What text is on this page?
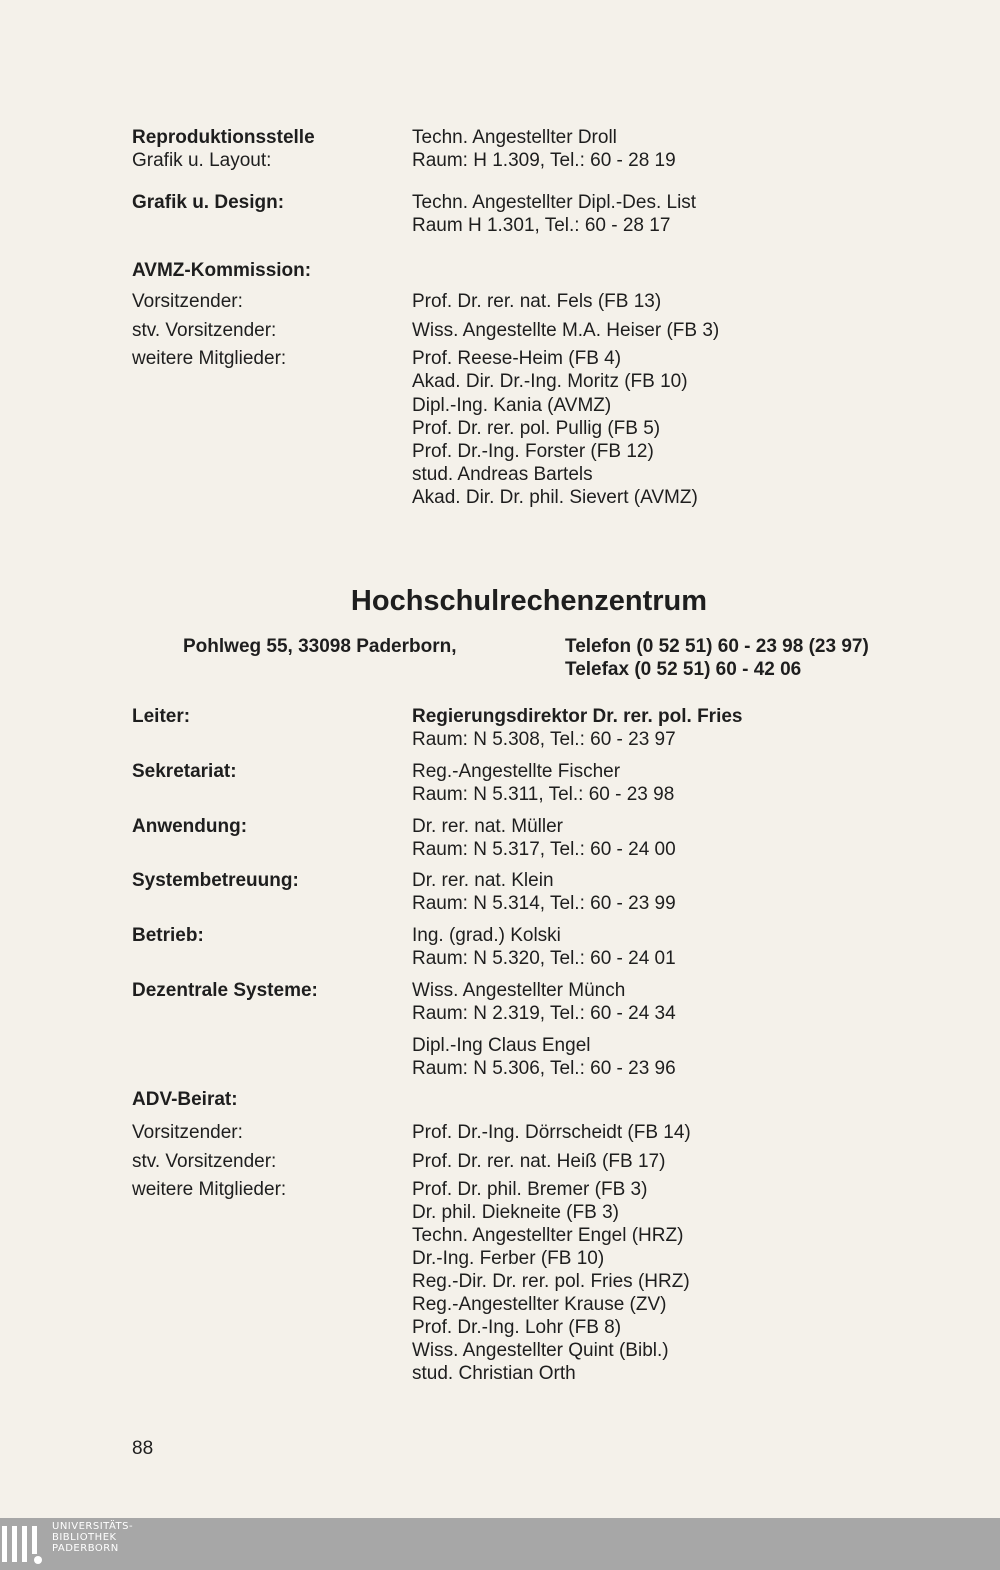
Reproduktionsstelle	Techn. Angestellter Droll
Grafik u. Layout:	Raum: H 1.309, Tel.: 60 - 28 19
Grafik u. Design:	Techn. Angestellter Dipl.-Des. List
Raum H 1.301, Tel.: 60 - 28 17
AVMZ-Kommission:
Vorsitzender:	Prof. Dr. rer. nat. Fels (FB 13)
stv. Vorsitzender:	Wiss. Angestellte M.A. Heiser (FB 3)
weitere Mitglieder:	Prof. Reese-Heim (FB 4)
Akad. Dir. Dr.-Ing. Moritz (FB 10)
Dipl.-Ing. Kania (AVMZ)
Prof. Dr. rer. pol. Pullig (FB 5)
Prof. Dr.-Ing. Forster (FB 12)
stud. Andreas Bartels
Akad. Dir. Dr. phil. Sievert (AVMZ)
Leiter:	Regierungsdirektor Dr. rer. pol. Fries
Raum: N 5.308, Tel.: 60 - 23 97
Sekretariat:	Reg.-Angestellte Fischer
Raum: N 5.311, Tel.: 60 - 23 98
Anwendung:	Dr. rer. nat. Müller
Raum: N 5.317, Tel.: 60 - 24 00
Systembetreuung:	Dr. rer. nat. Klein
Raum: N 5.314, Tel.: 60 - 23 99
Betrieb:	Ing. (grad.) Kolski
Raum: N 5.320, Tel.: 60 - 24 01
Dezentrale Systeme:	Wiss. Angestellter Münch
Raum: N 2.319, Tel.: 60 - 24 34
Dipl.-Ing Claus Engel
Raum: N 5.306, Tel.: 60 - 23 96
ADV-Beirat:
Vorsitzender:	Prof. Dr.-Ing. Dörrscheidt (FB 14)
stv. Vorsitzender:	Prof. Dr. rer. nat. Heiß (FB 17)
weitere Mitglieder:	Prof. Dr. phil. Bremer (FB 3)
Dr. phil. Diekneite (FB 3)
Techn. Angestellter Engel (HRZ)
Dr.-Ing. Ferber (FB 10)
Reg.-Dir. Dr. rer. pol. Fries (HRZ)
Reg.-Angestellter Krause (ZV)
Prof. Dr.-Ing. Lohr (FB 8)
Wiss. Angestellter Quint (Bibl.)
stud. Christian Orth
Hochschulrechenzentrum
Pohlweg 55, 33098 Paderborn,	Telefon (0 52 51) 60 - 23 98 (23 97)
Telefax (0 52 51) 60 - 42 06
88
UNIVERSITÄTS-
BIBLIOTHEK
PADERBORN
